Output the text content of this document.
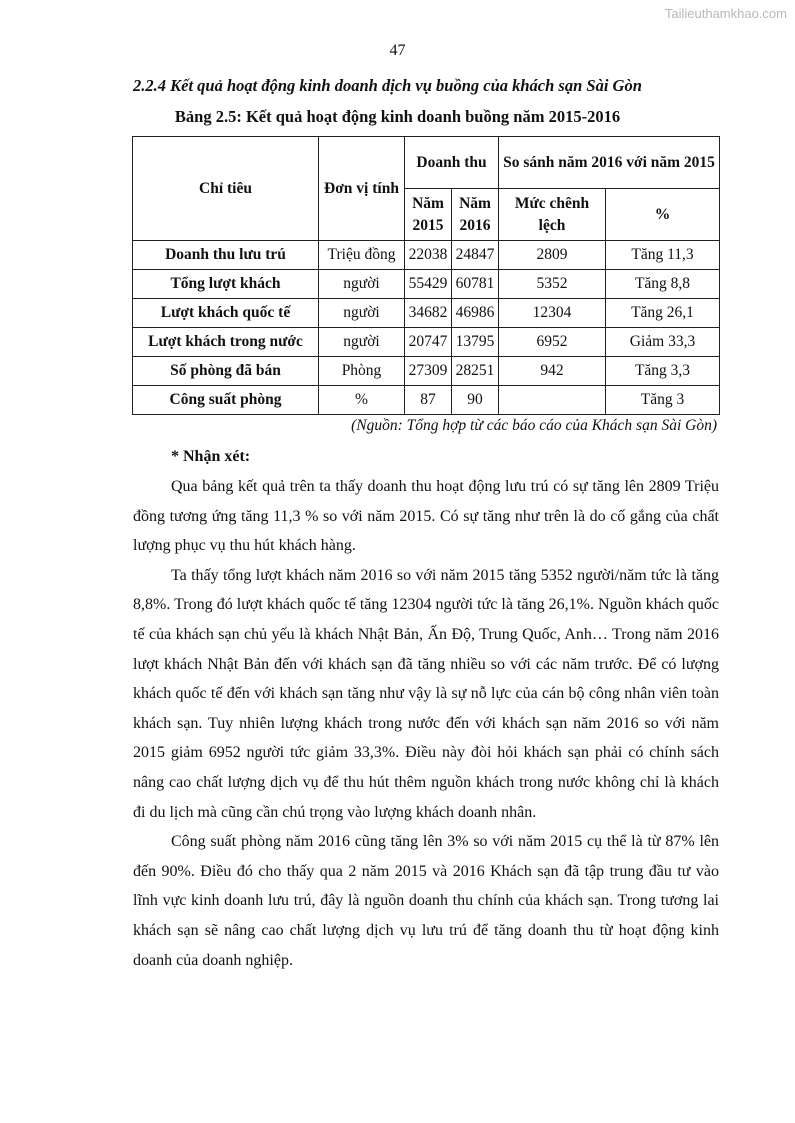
Tailieuthamkhao.com
47
2.2.4 Kết quả hoạt động kinh doanh dịch vụ buồng của khách sạn Sài Gòn
Bảng 2.5: Kết quả hoạt động kinh doanh buồng năm 2015-2016
Chỉ tiêu	Đơn vị tính	Doanh thu		So sánh năm 2016 với năm 2015	
		Năm 2015	Năm 2016	Mức chênh lệch	%
Doanh thu lưu trú	Triệu đồng	22038	24847	2809	Tăng 11,3
Tổng lượt khách	người	55429	60781	5352	Tăng 8,8
Lượt khách quốc tế	người	34682	46986	12304	Tăng 26,1
Lượt khách trong nước	người	20747	13795	6952	Giảm 33,3
Số phòng đã bán	Phòng	27309	28251	942	Tăng 3,3
Công suất phòng	%	87	90		Tăng 3
(Nguồn: Tổng hợp từ các báo cáo của Khách sạn Sài Gòn)
* Nhận xét:

Qua bảng kết quả trên ta thấy doanh thu hoạt động lưu trú có sự tăng lên 2809 Triệu đồng tương ứng tăng 11,3 % so với năm 2015. Có sự tăng như trên là do cố gắng của chất lượng phục vụ thu hút khách hàng.

Ta thấy tổng lượt khách năm 2016 so với năm 2015 tăng 5352 người/năm tức là tăng 8,8%. Trong đó lượt khách quốc tế tăng 12304 người tức là tăng 26,1%. Nguồn khách quốc tế của khách sạn chủ yếu là khách Nhật Bản, Ấn Độ, Trung Quốc, Anh… Trong năm 2016 lượt khách Nhật Bản đến với khách sạn đã tăng nhiều so với các năm trước. Để có lượng khách quốc tế đến với khách sạn tăng như vậy là sự nỗ lực của cán bộ công nhân viên toàn khách sạn. Tuy nhiên lượng khách trong nước đến với khách sạn năm 2016 so với năm 2015 giảm 6952 người tức giảm 33,3%. Điều này đòi hỏi khách sạn phải có chính sách nâng cao chất lượng dịch vụ để thu hút thêm nguồn khách trong nước không chỉ là khách đi du lịch mà cũng cần chú trọng vào lượng khách doanh nhân.

Công suất phòng năm 2016 cũng tăng lên 3% so với năm 2015 cụ thể là từ 87% lên đến 90%. Điều đó cho thấy qua 2 năm 2015 và 2016 Khách sạn đã tập trung đầu tư vào lĩnh vực kinh doanh lưu trú, đây là nguồn doanh thu chính của khách sạn. Trong tương lai khách sạn sẽ nâng cao chất lượng dịch vụ lưu trú để tăng doanh thu từ hoạt động kinh doanh của doanh nghiệp.
